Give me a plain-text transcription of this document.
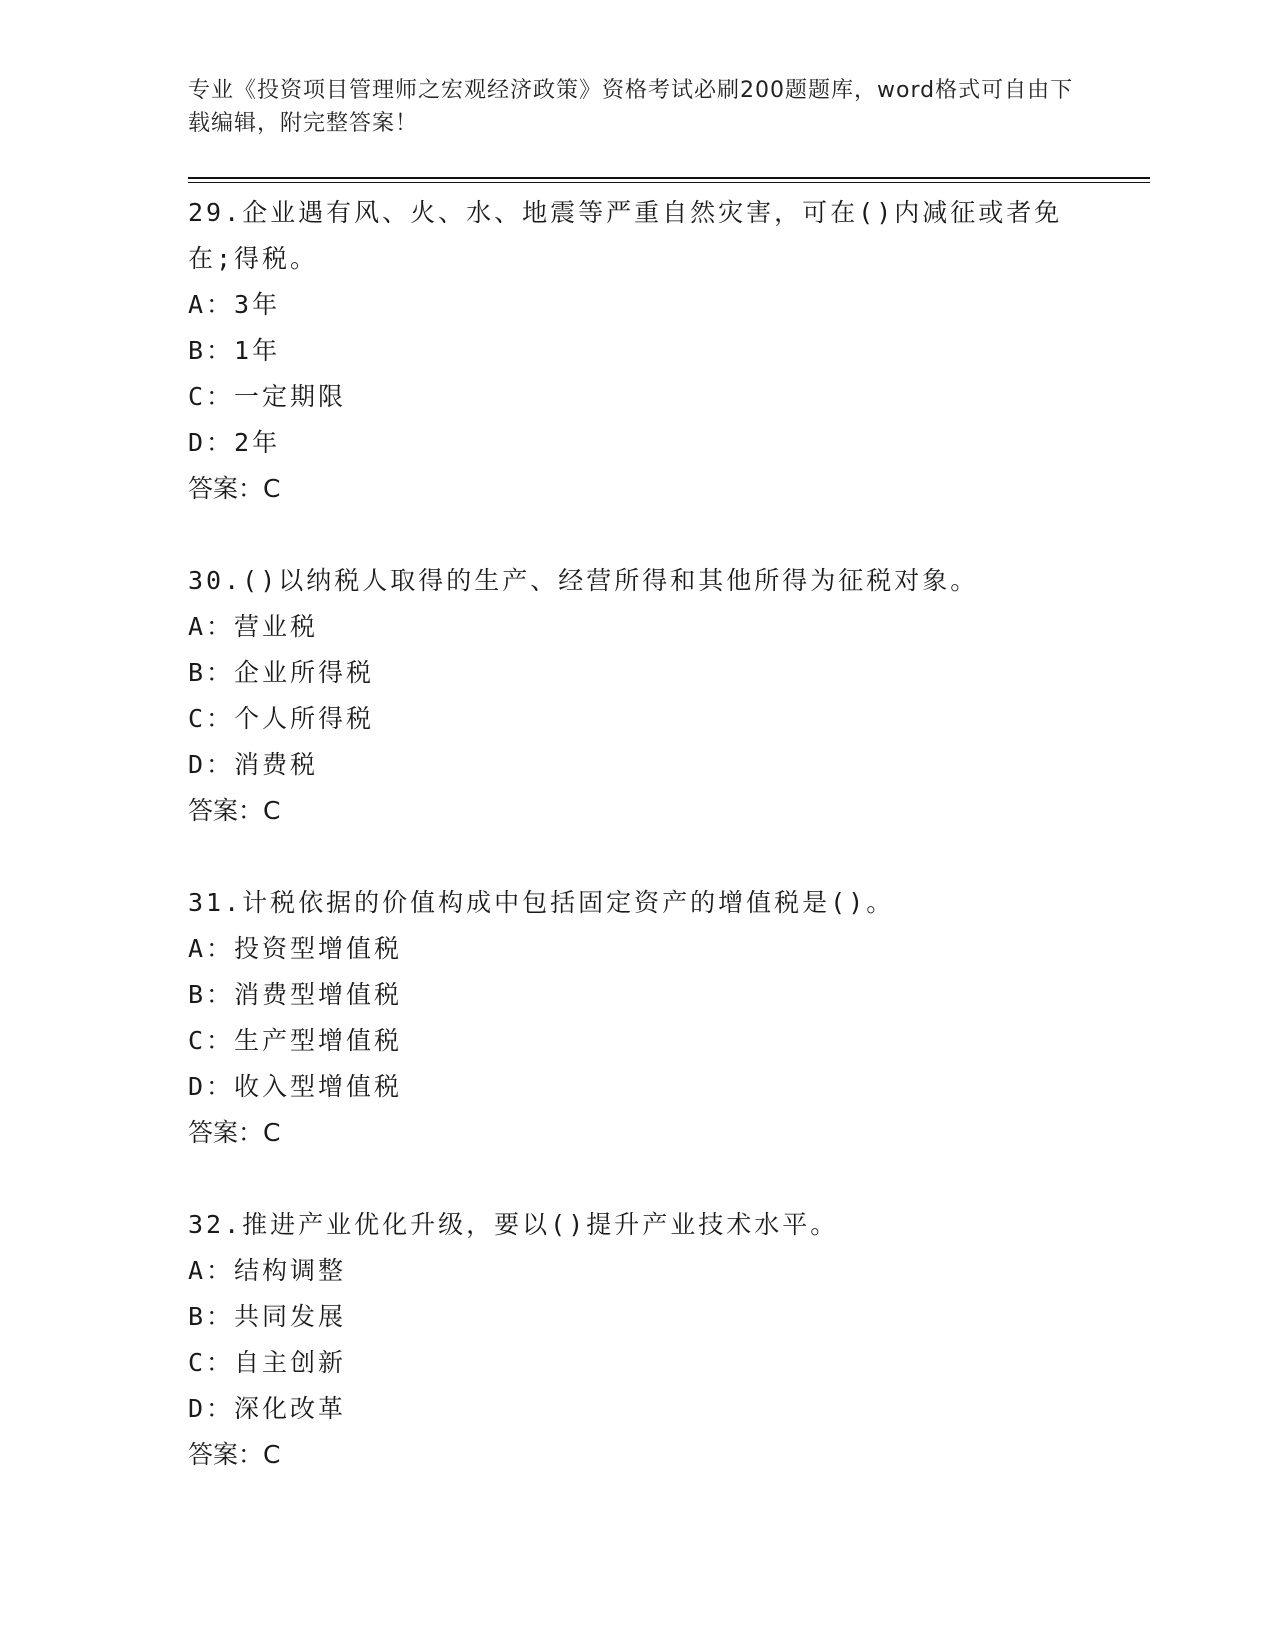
专业《投资项目管理师之宏观经济政策》资格考试必刷200题题库，word格式可自由下载编辑，附完整答案！

29.企业遇有风、火、水、地震等严重自然灾害，可在()内减征或者免在;得税。

A：3年

B：1年

C：一定期限

D：2年

答案：C

30.()以纳税人取得的生产、经营所得和其他所得为征税对象。

A：营业税

B：企业所得税

C：个人所得税

D：消费税

答案：C

31.计税依据的价值构成中包括固定资产的增值税是()。

A：投资型增值税

B：消费型增值税

C：生产型增值税

D：收入型增值税

答案：C

32.推进产业优化升级，要以()提升产业技术水平。

A：结构调整

B：共同发展

C：自主创新

D：深化改革

答案：C
